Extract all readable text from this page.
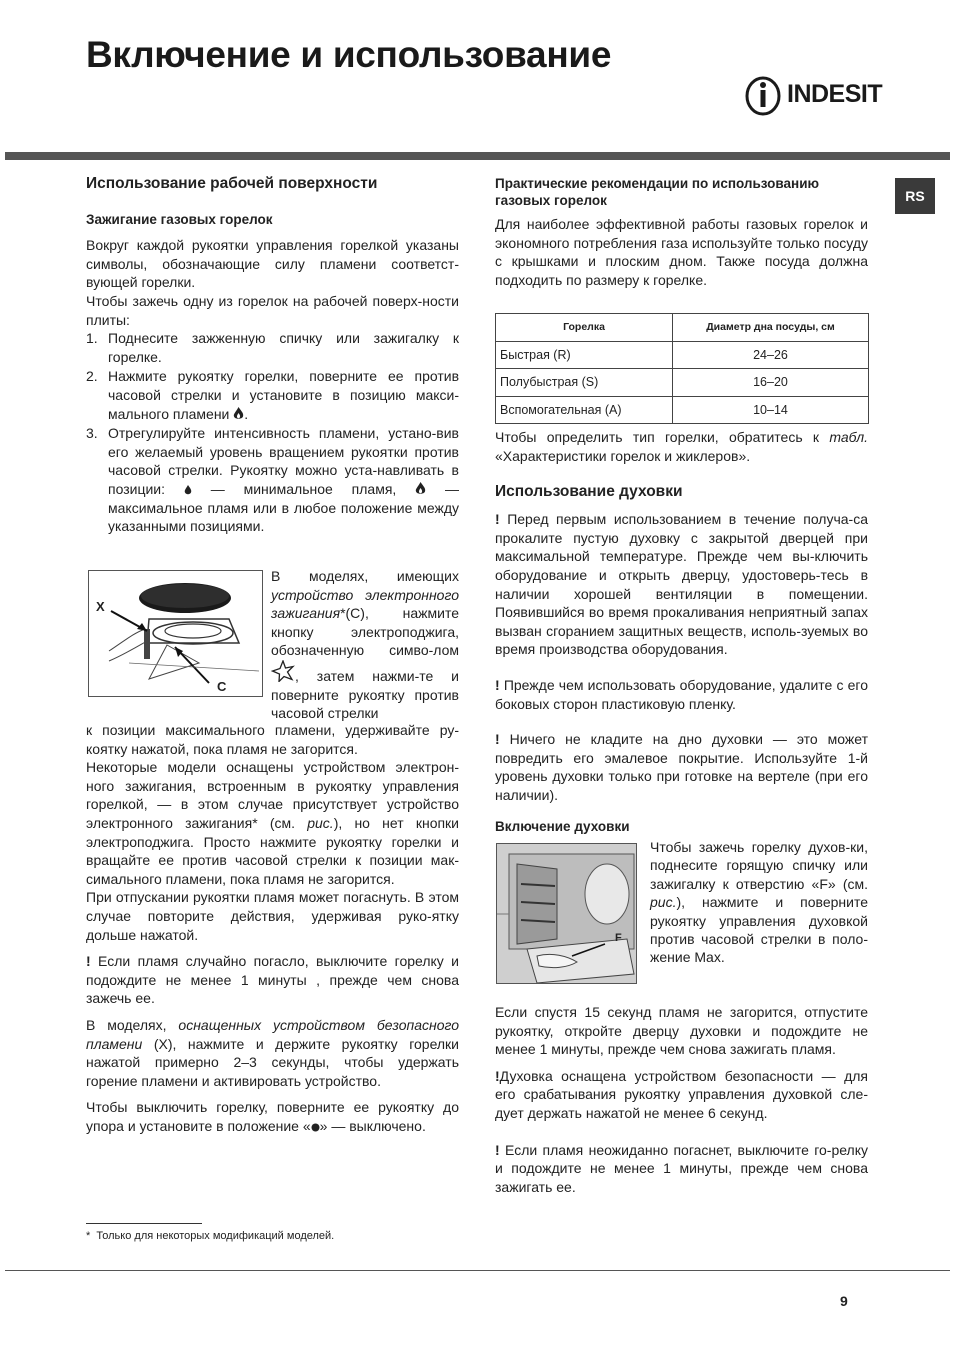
Включение и использование
INDESIT
RS

Использование рабочей поверхности

Зажигание газовых горелок

Вокруг каждой рукоятки управления горелкой указаны символы, обозначающие силу пламени соответст-вующей горелки.

Чтобы зажечь одну из горелок на рабочей поверх-ности плиты:

1. Поднесите зажженную спичку или зажигалку к горелке.
2. Нажмите рукоятку горелки, поверните ее против часовой стрелки и установите в позицию макси-мального пламени .
3. Отрегулируйте интенсивность пламени, устано-вив его желаемый уровень вращением рукоятки против часовой стрелки. Рукоятку можно уста-навливать в позиции:	— минимальное пламя,	— максимальное пламя или в любое положение между указанными позициями.
X
C

В моделях, имеющих устройство электронного зажигания*(C), нажмите кнопку электроподжига, обозначенную симво-лом , затем нажми-те и поверните рукоятку против часовой стрелки

к позиции максимального пламени, удерживайте ру-коятку нажатой, пока пламя не загорится.

Некоторые модели оснащены устройством электрон-ного зажигания, встроенным в рукоятку управления горелкой, — в этом случае присутствует устройство электронного зажигания* (см. рис.), но нет кнопки электроподжига. Просто нажмите рукоятку горелки и вращайте ее против часовой стрелки к позиции мак-симального пламени, пока пламя не загорится.

При отпускании рукоятки пламя может погаснуть. В этом случае повторите действия, удерживая руко-ятку дольше нажатой.

! Если пламя случайно погасло, выключите горелку и подождите не менее 1 минуты , прежде чем снова зажечь ее.

В моделях, оснащенных устройством безопасного пламени (X), нажмите и держите рукоятку горелки нажатой примерно 2–3 секунды, чтобы удержать горение пламени и активировать устройство.

Чтобы выключить горелку, поверните ее рукоятку до упора и установите в положение « » — выключено.

Практические рекомендации по использованию газовых горелок

Для наиболее эффективной работы газовых горелок и экономного потребления газа используйте только посуду с крышками и плоским дном. Также посуда должна подходить по размеру к горелке.

Горелка	Диаметр дна посуды, см
Быстрая (R)	24–26
Полубыстрая (S)	16–20
Вспомогательная (A)	10–14

Чтобы определить тип горелки, обратитесь к табл. «Характеристики горелок и жиклеров».

Использование духовки

! Перед первым использованием в течение получа-са прокалите пустую духовку с закрытой дверцей при максимальной температуре. Прежде чем вы-ключить оборудование и открыть дверцу, удостоверь-тесь в наличии хорошей вентиляции в помещении. Появившийся во время прокаливания неприятный запах вызван сгоранием защитных веществ, исполь-зуемых во время производства оборудования.

! Прежде чем использовать оборудование, удалите с его боковых сторон пластиковую пленку.

! Ничего не кладите на дно духовки — это может повредить его эмалевое покрытие. Используйте 1-й уровень духовки только при готовке на вертеле (при его наличии).

Включение духовки

F

Чтобы зажечь горелку духов-ки, поднесите горящую спичку или зажигалку к отверстию «F» (см. рис.), нажмите и поверните рукоятку управления духовкой против часовой стрелки в поло-жение Max.

Если спустя 15 секунд пламя не загорится, отпустите рукоятку, откройте дверцу духовки и подождите не менее 1 минуты, прежде чем снова зажигать пламя.

!Духовка оснащена устройством безопасности — для его срабатывания рукоятку управления духовкой сле-дует держать нажатой не менее 6 секунд.

! Если пламя неожиданно погаснет, выключите го-релку и подождите не менее 1 минуты, прежде чем снова зажигать ее.

* Только для некоторых модификаций моделей.
9
